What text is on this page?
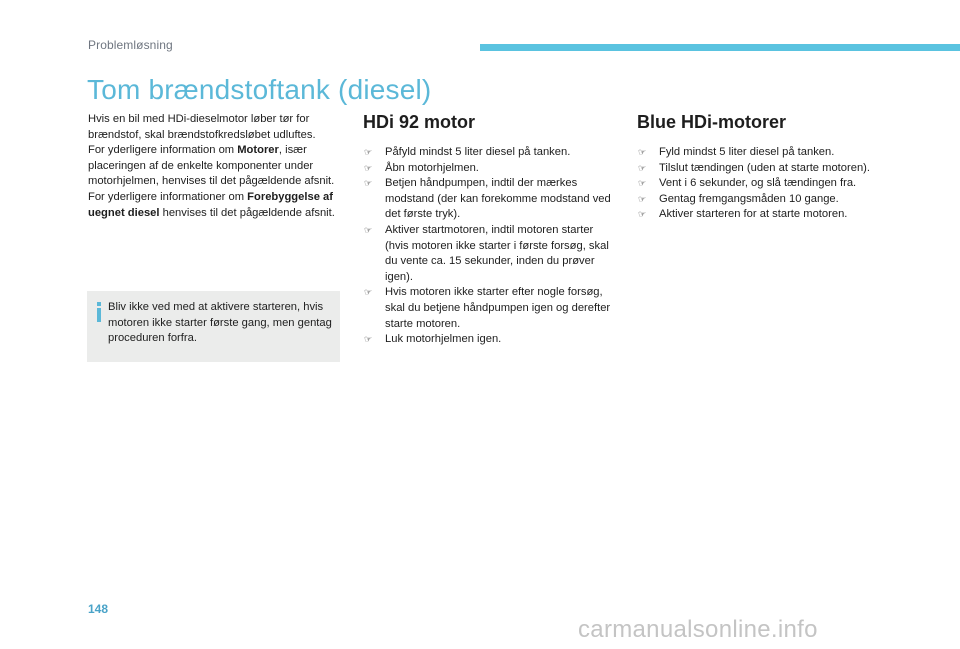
Problemløsning
Tom brændstoftank (diesel)

Hvis en bil med HDi-dieselmotor løber tør for brændstof, skal brændstofkredsløbet udluftes.

For yderligere information om Motorer, især placeringen af de enkelte komponenter under motorhjelmen, henvises til det pågældende afsnit.

For yderligere informationer om Forebyggelse af uegnet diesel henvises til det pågældende afsnit.

Bliv ikke ved med at aktivere starteren, hvis motoren ikke starter første gang, men gentag proceduren forfra.
HDi 92 motor
☞ Påfyld mindst 5 liter diesel på tanken.
☞ Åbn motorhjelmen.
☞ Betjen håndpumpen, indtil der mærkes modstand (der kan forekomme modstand ved det første tryk).
☞ Aktiver startmotoren, indtil motoren starter (hvis motoren ikke starter i første forsøg, skal du vente ca. 15 sekunder, inden du prøver igen).
☞ Hvis motoren ikke starter efter nogle forsøg, skal du betjene håndpumpen igen og derefter starte motoren.
☞ Luk motorhjelmen igen.
Blue HDi-motorer
☞ Fyld mindst 5 liter diesel på tanken.
☞ Tilslut tændingen (uden at starte motoren).
☞ Vent i 6 sekunder, og slå tændingen fra.
☞ Gentag fremgangsmåden 10 gange.
☞ Aktiver starteren for at starte motoren.
148
carmanualsonline.info
